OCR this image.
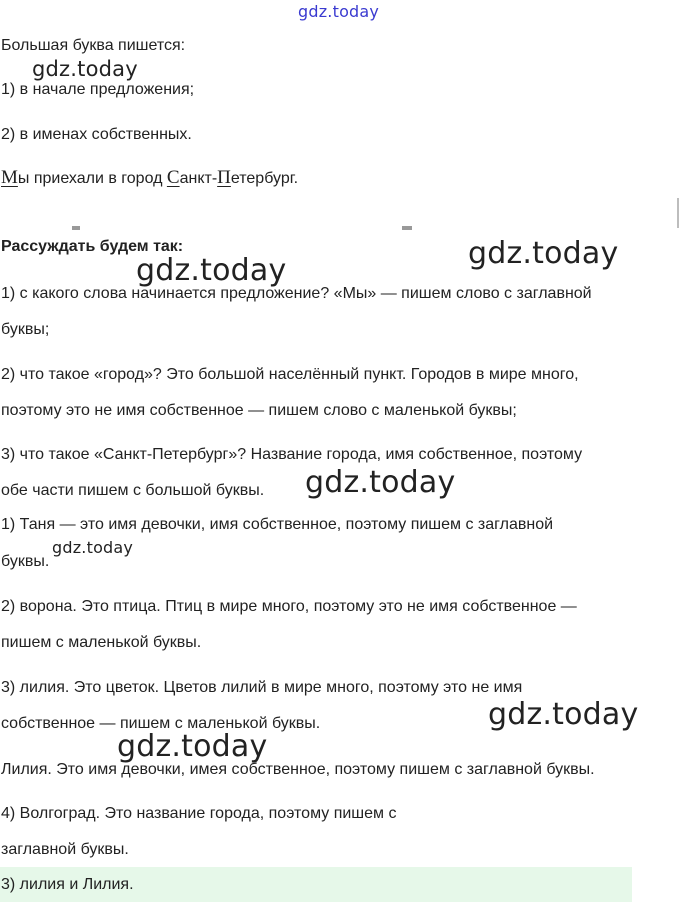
Большая буква пишется:
1) в начале предложения;
2) в именах собственных.
Мы приехали в город Санкт-Петербург.
Рассуждать будем так:
1) с какого слова начинается предложение? «Мы» — пишем слово с заглавной
буквы;
2) что такое «город»? Это большой населённый пункт. Городов в мире много,
поэтому это не имя собственное — пишем слово с маленькой буквы;
3) что такое «Санкт-Петербург»? Название города, имя собственное, поэтому
обе части пишем с большой буквы.
1) Таня — это имя девочки, имя собственное, поэтому пишем с заглавной
буквы.
2) ворона. Это птица. Птиц в мире много, поэтому это не имя собственное —
пишем с маленькой буквы.
3) лилия. Это цветок. Цветов лилий в мире много, поэтому это не имя
собственное — пишем с маленькой буквы.
Лилия. Это имя девочки, имея собственное, поэтому пишем с заглавной буквы.
4) Волгоград. Это название города, поэтому пишем с
заглавной буквы.
3) лилия и Лилия.
gdz.today
gdz.today
gdz.today
gdz.today
gdz.today
gdz.today
gdz.today
gdz.today
